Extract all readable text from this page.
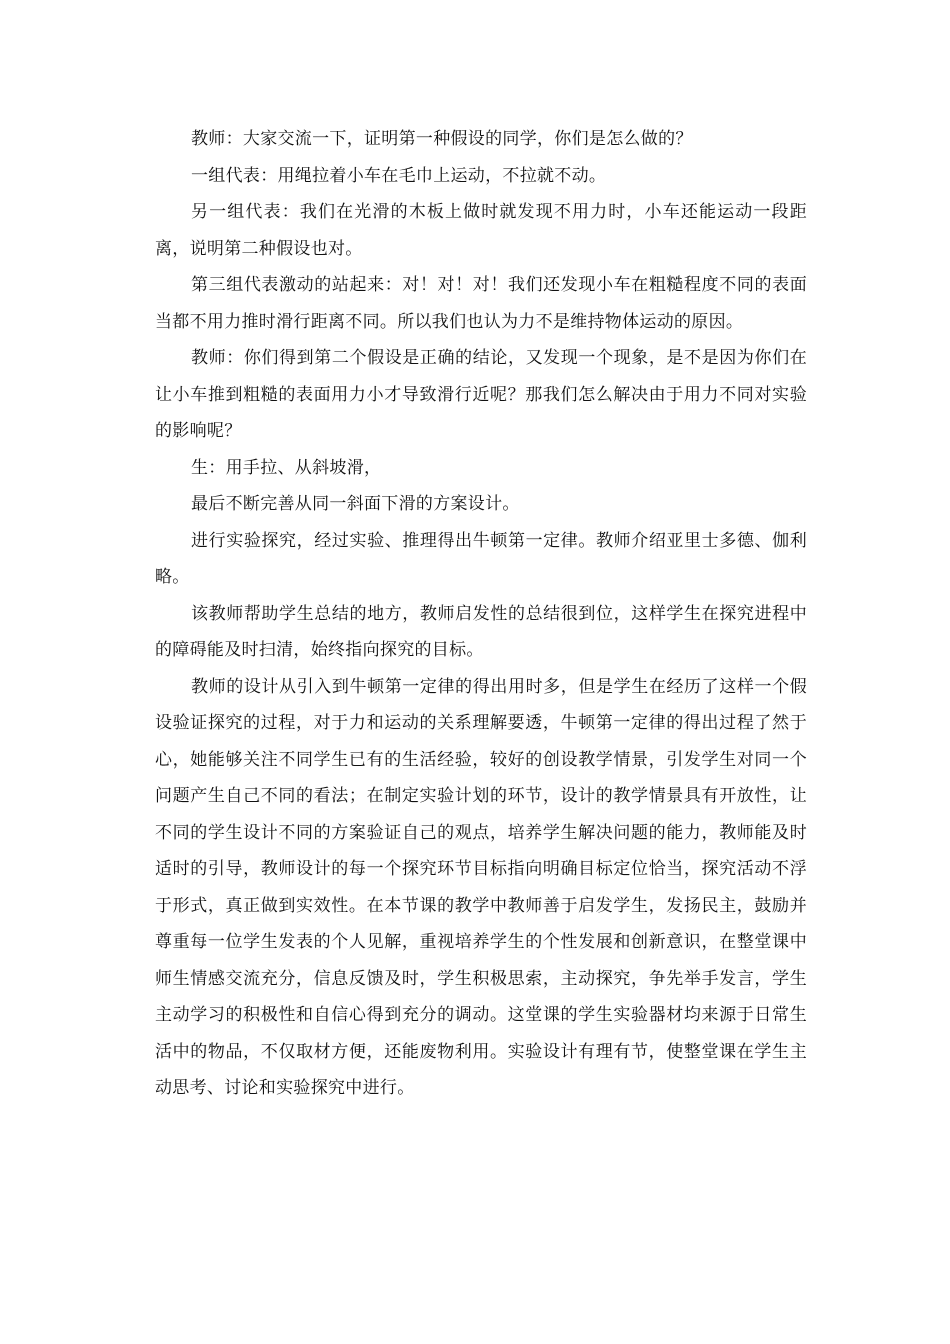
教师：大家交流一下，证明第一种假设的同学，你们是怎么做的？

一组代表：用绳拉着小车在毛巾上运动，不拉就不动。

另一组代表：我们在光滑的木板上做时就发现不用力时，小车还能运动一段距离，说明第二种假设也对。

第三组代表激动的站起来：对！对！对！我们还发现小车在粗糙程度不同的表面当都不用力推时滑行距离不同。所以我们也认为力不是维持物体运动的原因。

教师：你们得到第二个假设是正确的结论，又发现一个现象，是不是因为你们在让小车推到粗糙的表面用力小才导致滑行近呢？那我们怎么解决由于用力不同对实验的影响呢？

生：用手拉、从斜坡滑，

最后不断完善从同一斜面下滑的方案设计。

进行实验探究，经过实验、推理得出牛顿第一定律。教师介绍亚里士多德、伽利略。

该教师帮助学生总结的地方，教师启发性的总结很到位，这样学生在探究进程中的障碍能及时扫清，始终指向探究的目标。

教师的设计从引入到牛顿第一定律的得出用时多，但是学生在经历了这样一个假设验证探究的过程，对于力和运动的关系理解要透，牛顿第一定律的得出过程了然于心，她能够关注不同学生已有的生活经验，较好的创设教学情景，引发学生对同一个问题产生自己不同的看法；在制定实验计划的环节，设计的教学情景具有开放性，让不同的学生设计不同的方案验证自己的观点，培养学生解决问题的能力，教师能及时适时的引导，教师设计的每一个探究环节目标指向明确目标定位恰当，探究活动不浮于形式，真正做到实效性。在本节课的教学中教师善于启发学生，发扬民主，鼓励并尊重每一位学生发表的个人见解，重视培养学生的个性发展和创新意识，在整堂课中师生情感交流充分，信息反馈及时，学生积极思索，主动探究，争先举手发言，学生主动学习的积极性和自信心得到充分的调动。这堂课的学生实验器材均来源于日常生活中的物品，不仅取材方便，还能废物利用。实验设计有理有节，使整堂课在学生主动思考、讨论和实验探究中进行。
